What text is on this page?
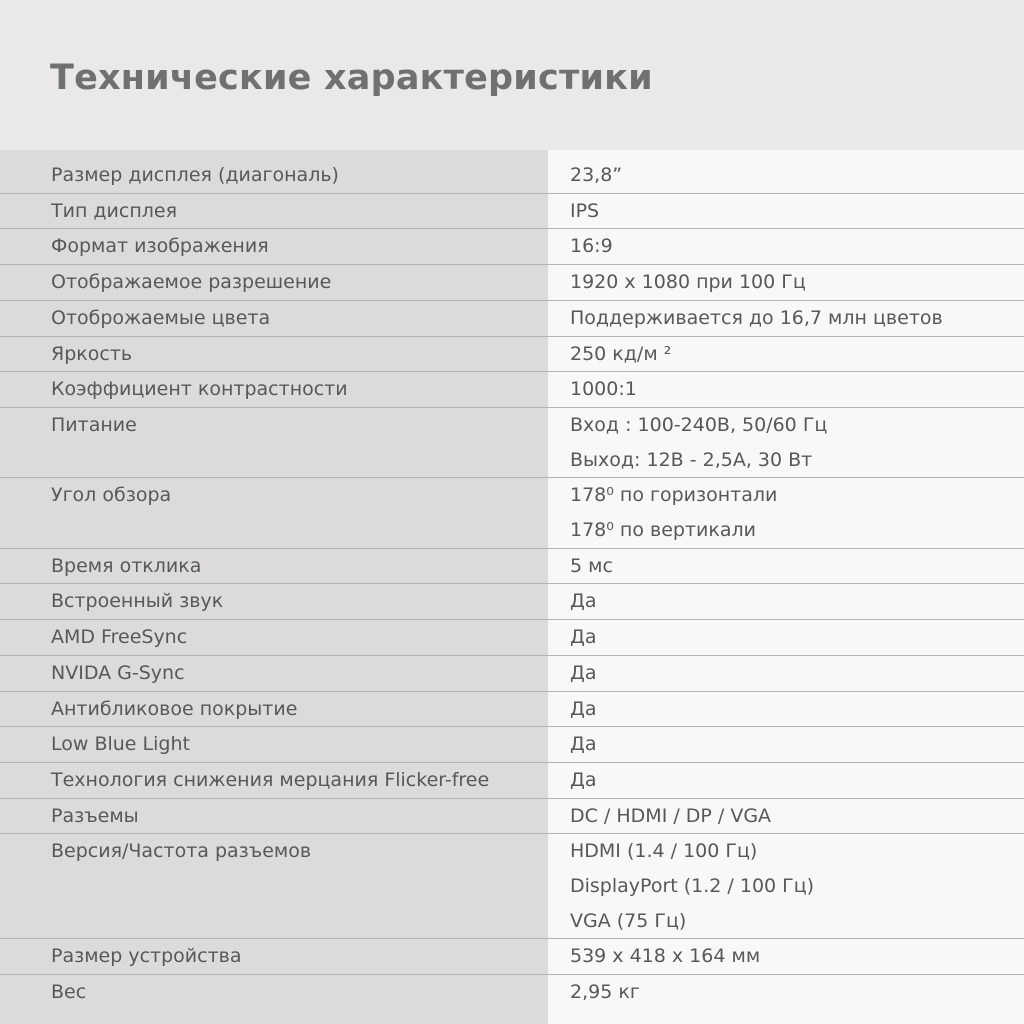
Технические характеристики
Размер дисплея (диагональ)	23,8”
Тип дисплея	IPS
Формат изображения	16:9
Отображаемое разрешение	1920 x 1080 при 100 Гц
Отоброжаемые цвета	Поддерживается до 16,7 млн цветов
Яркость	250 кд/м ²
Коэффициент контрастности	1000:1
Питание	Вход : 100-240В, 50/60 Гц
Выход: 12В - 2,5А, 30 Вт
Угол обзора	178⁰ по горизонтали
178⁰ по вертикали
Время отклика	5 мс
Встроенный звук	Да
AMD FreeSync	Да
NVIDA G-Sync	Да
Антибликовое покрытие	Да
Low Blue Light	Да
Технология снижения мерцания Flicker-free	Да
Разъемы	DC / HDMI / DP / VGA
Версия/Частота разъемов	HDMI (1.4 / 100 Гц)
DisplayPort (1.2 / 100 Гц)
VGA (75 Гц)
Размер устройства	539 x 418 x 164 мм
Вес	2,95 кг
